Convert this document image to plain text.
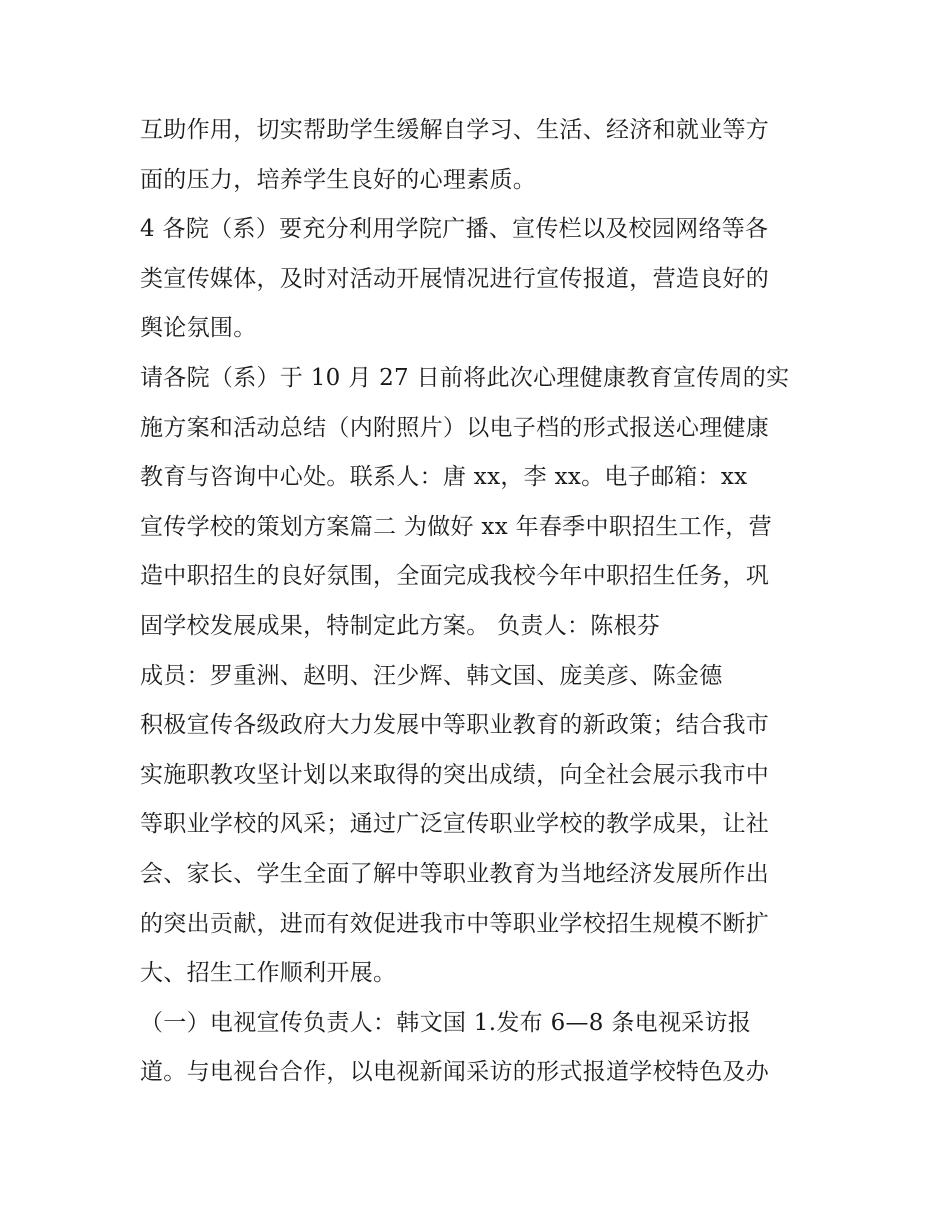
互助作用，切实帮助学生缓解自学习、生活、经济和就业等方
面的压力，培养学生良好的心理素质。
4 各院（系）要充分利用学院广播、宣传栏以及校园网络等各
类宣传媒体，及时对活动开展情况进行宣传报道，营造良好的
舆论氛围。
请各院（系）于 10 月 27 日前将此次心理健康教育宣传周的实
施方案和活动总结（内附照片）以电子档的形式报送心理健康
教育与咨询中心处。联系人：唐 xx，李 xx。电子邮箱：xx
宣传学校的策划方案篇二 为做好 xx 年春季中职招生工作，营
造中职招生的良好氛围，全面完成我校今年中职招生任务，巩
固学校发展成果，特制定此方案。 负责人：陈根芬
成员：罗重洲、赵明、汪少辉、韩文国、庞美彦、陈金德
积极宣传各级政府大力发展中等职业教育的新政策；结合我市
实施职教攻坚计划以来取得的突出成绩，向全社会展示我市中
等职业学校的风采；通过广泛宣传职业学校的教学成果，让社
会、家长、学生全面了解中等职业教育为当地经济发展所作出
的突出贡献，进而有效促进我市中等职业学校招生规模不断扩
大、招生工作顺利开展。
（一）电视宣传负责人：韩文国 1.发布 6—8 条电视采访报
道。与电视台合作，以电视新闻采访的形式报道学校特色及办
